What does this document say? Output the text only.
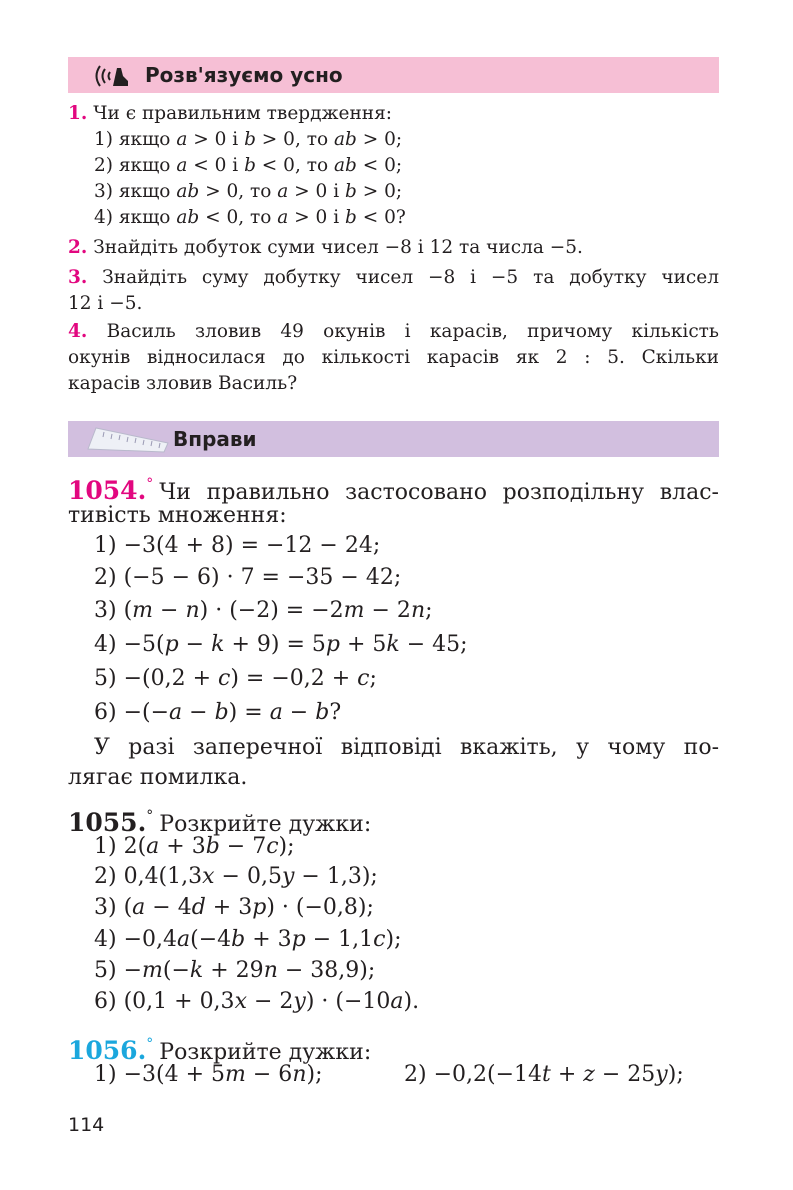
Розв'язуємо усно
1. Чи є правильним твердження:
1) якщо a > 0 і b > 0, то ab > 0;
2) якщо a < 0 і b < 0, то ab < 0;
3) якщо ab > 0, то a > 0 і b > 0;
4) якщо ab < 0, то a > 0 і b < 0?
2. Знайдіть добуток суми чисел −8 і 12 та числа −5.
3. Знайдіть суму добутку чисел −8 і −5 та добутку чисел
12 і −5.
4. Василь зловив 49 окунів і карасів, причому кількість
окунів відносилася до кількості карасів як 2 : 5. Скільки
карасів зловив Василь?
Вправи
1054.° Чи правильно застосовано розподільну влас-
тивість множення:
1) −3(4 + 8) = −12 − 24;
2) (−5 − 6) · 7 = −35 − 42;
3) (m − n) · (−2) = −2m − 2n;
4) −5(p − k + 9) = 5p + 5k − 45;
5) −(0,2 + c) = −0,2 + c;
6) −(−a − b) = a − b?
У разі заперечної відповіді вкажіть, у чому по-
лягає помилка.
1055.° Розкрийте дужки:
1) 2(a + 3b − 7c);
2) 0,4(1,3x − 0,5y − 1,3);
3) (a − 4d + 3p) · (−0,8);
4) −0,4a(−4b + 3p − 1,1c);
5) −m(−k + 29n − 38,9);
6) (0,1 + 0,3x − 2y) · (−10a).
1056.° Розкрийте дужки:
1) −3(4 + 5m − 6n);	2) −0,2(−14t + z − 25y);
114
